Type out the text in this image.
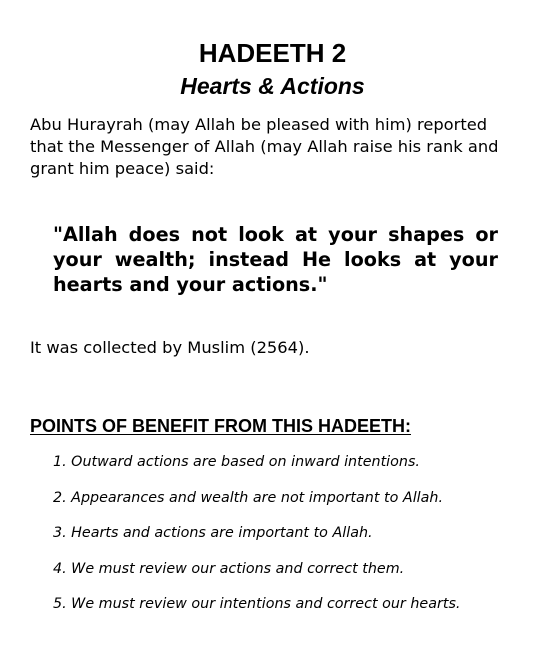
HADEETH 2
Hearts & Actions

Abu Hurayrah (may Allah be pleased with him) reported that the Messenger of Allah (may Allah raise his rank and grant him peace) said:

"Allah does not look at your shapes or your wealth; instead He looks at your hearts and your actions."

It was collected by Muslim (2564).

POINTS OF BENEFIT FROM THIS HADEETH:
1. Outward actions are based on inward intentions.
2. Appearances and wealth are not important to Allah.
3. Hearts and actions are important to Allah.
4. We must review our actions and correct them.
5. We must review our intentions and correct our hearts.
